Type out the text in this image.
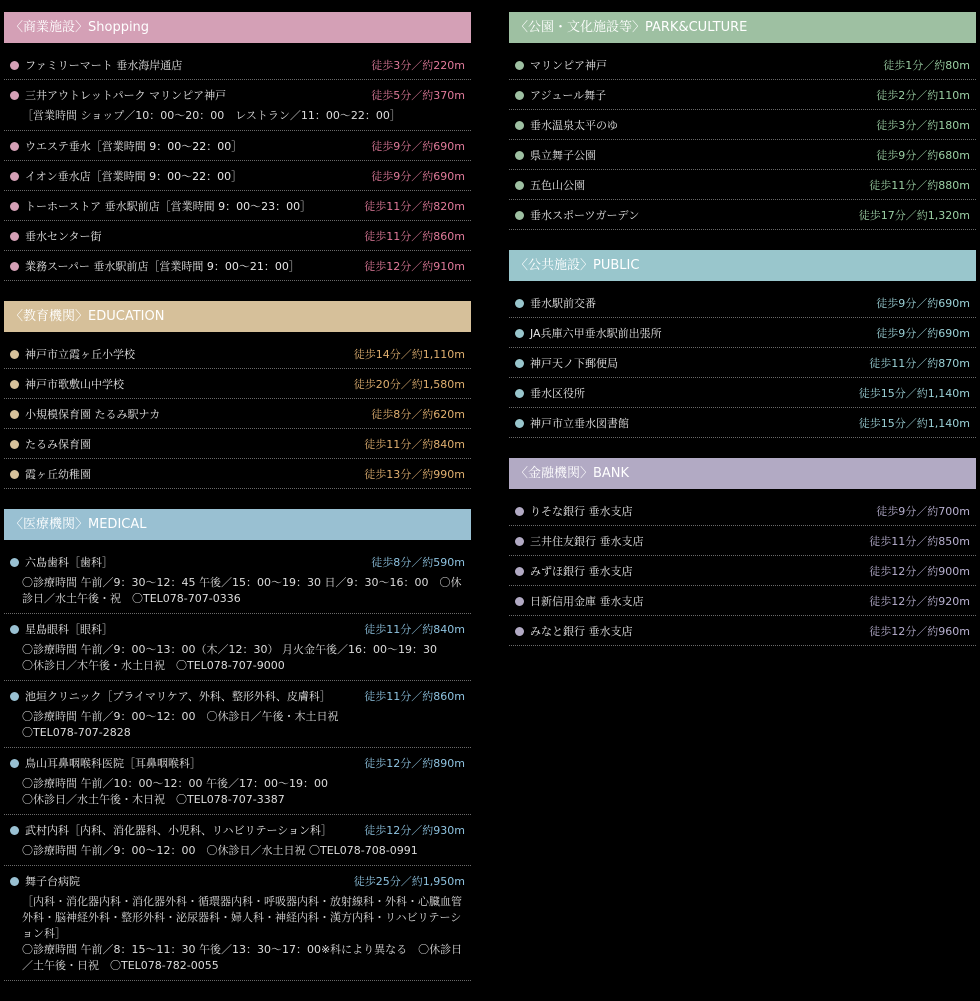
〈商業施設〉Shopping
ファミリーマート 垂水海岸通店	徒歩3分／約220m
三井アウトレットパーク マリンピア神戸	徒歩5分／約370m
［営業時間 ショップ／10：00〜20：00　レストラン／11：00〜22：00］
ウエステ垂水［営業時間 9：00〜22：00］	徒歩9分／約690m
イオン垂水店［営業時間 9：00〜22：00］	徒歩9分／約690m
トーホーストア 垂水駅前店［営業時間 9：00〜23：00］	徒歩11分／約820m
垂水センター街	徒歩11分／約860m
業務スーパー 垂水駅前店［営業時間 9：00〜21：00］	徒歩12分／約910m
〈教育機関〉EDUCATION
神戸市立霞ヶ丘小学校	徒歩14分／約1,110m
神戸市歌敷山中学校	徒歩20分／約1,580m
小規模保育園 たるみ駅ナカ	徒歩8分／約620m
たるみ保育園	徒歩11分／約840m
霞ヶ丘幼稚園	徒歩13分／約990m
〈医療機関〉MEDICAL
六島歯科［歯科］	徒歩8分／約590m
〇診療時間 午前／9：30〜12：45 午後／15：00〜19：30 日／9：30〜16：00　〇休診日／水土午後・祝　〇TEL078-707-0336
星島眼科［眼科］	徒歩11分／約840m
〇診療時間 午前／9：00〜13：00（木／12：30） 月火金午後／16：00〜19：30
〇休診日／木午後・水土日祝　〇TEL078-707-9000
池垣クリニック［プライマリケア、外科、整形外科、皮膚科］	徒歩11分／約860m
〇診療時間 午前／9：00〜12：00　〇休診日／午後・木土日祝
〇TEL078-707-2828
鳥山耳鼻咽喉科医院［耳鼻咽喉科］	徒歩12分／約890m
〇診療時間 午前／10：00〜12：00 午後／17：00〜19：00
〇休診日／水土午後・木日祝　〇TEL078-707-3387
武村内科［内科、消化器科、小児科、リハビリテーション科］	徒歩12分／約930m
〇診療時間 午前／9：00〜12：00　〇休診日／水土日祝 〇TEL078-708-0991
舞子台病院	徒歩25分／約1,950m
［内科・消化器内科・消化器外科・循環器内科・呼吸器内科・放射線科・外科・心臓血管外科・脳神経外科・整形外科・泌尿器科・婦人科・神経内科・漢方内科・リハビリテーション科］
〇診療時間 午前／8：15〜11：30 午後／13：30〜17：00※科により異なる　〇休診日／土午後・日祝　〇TEL078-782-0055
〈公園・文化施設等〉PARK&CULTURE
マリンピア神戸	徒歩1分／約80m
アジュール舞子	徒歩2分／約110m
垂水温泉太平のゆ	徒歩3分／約180m
県立舞子公園	徒歩9分／約680m
五色山公園	徒歩11分／約880m
垂水スポーツガーデン	徒歩17分／約1,320m
〈公共施設〉PUBLIC
垂水駅前交番	徒歩9分／約690m
JA兵庫六甲垂水駅前出張所	徒歩9分／約690m
神戸天ノ下郵便局	徒歩11分／約870m
垂水区役所	徒歩15分／約1,140m
神戸市立垂水図書館	徒歩15分／約1,140m
〈金融機関〉BANK
りそな銀行 垂水支店	徒歩9分／約700m
三井住友銀行 垂水支店	徒歩11分／約850m
みずほ銀行 垂水支店	徒歩12分／約900m
日新信用金庫 垂水支店	徒歩12分／約920m
みなと銀行 垂水支店	徒歩12分／約960m
